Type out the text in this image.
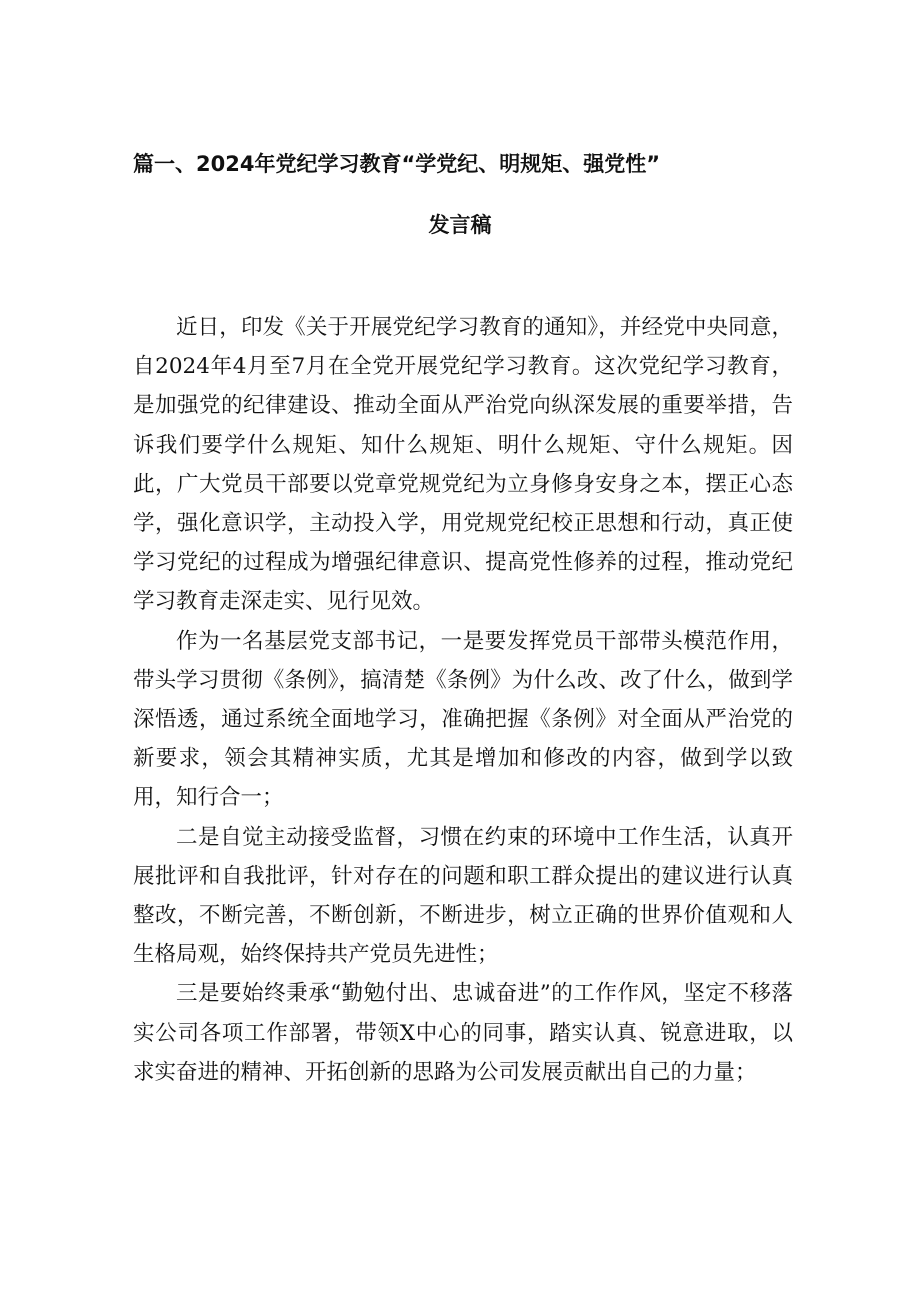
篇一、2024年党纪学习教育“学党纪、明规矩、强党性”
发言稿

近日，印发《关于开展党纪学习教育的通知》，并经党中央同意，自2024年4月至7月在全党开展党纪学习教育。这次党纪学习教育，是加强党的纪律建设、推动全面从严治党向纵深发展的重要举措，告诉我们要学什么规矩、知什么规矩、明什么规矩、守什么规矩。因此，广大党员干部要以党章党规党纪为立身修身安身之本，摆正心态学，强化意识学，主动投入学，用党规党纪校正思想和行动，真正使学习党纪的过程成为增强纪律意识、提高党性修养的过程，推动党纪学习教育走深走实、见行见效。

作为一名基层党支部书记，一是要发挥党员干部带头模范作用，带头学习贯彻《条例》，搞清楚《条例》为什么改、改了什么，做到学深悟透，通过系统全面地学习，准确把握《条例》对全面从严治党的新要求，领会其精神实质，尤其是增加和修改的内容，做到学以致用，知行合一；

二是自觉主动接受监督，习惯在约束的环境中工作生活，认真开展批评和自我批评，针对存在的问题和职工群众提出的建议进行认真整改，不断完善，不断创新，不断进步，树立正确的世界价值观和人生格局观，始终保持共产党员先进性；

三是要始终秉承“勤勉付出、忠诚奋进”的工作作风，坚定不移落实公司各项工作部署，带领X中心的同事，踏实认真、锐意进取，以求实奋进的精神、开拓创新的思路为公司发展贡献出自己的力量；
